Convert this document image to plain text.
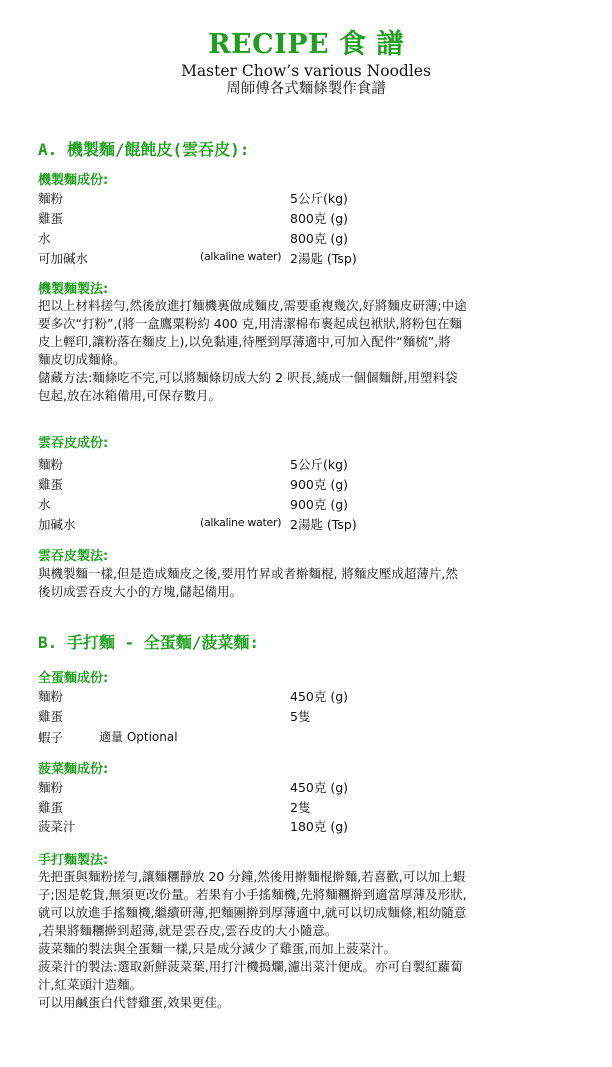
RECIPE 食 譜
Master Chow’s various Noodles
周師傅各式麵條製作食譜
A. 機製麵/餛飩皮(雲吞皮):
機製麵成份:
麵粉	5公斤(kg)
雞蛋	800克 (g)
水	800克 (g)
可加碱水	(alkaline water) 2湯匙 (Tsp)
機製麵製法:
把以上材料搓勻,然後放進打麵機裏做成麵皮,需要重複幾次,好將麵皮研薄;中途
要多次“打粉”,(將一盒鷹粟粉約 400 克,用清潔棉布裹起成包袱狀,將粉包在麵
皮上輕印,讓粉落在麵皮上),以免黏連,待壓到厚薄適中,可加入配件“麵梳”,將
麵皮切成麵條。
儲藏方法:麵條吃不完,可以將麵條切成大約 2 呎長,繞成一個個麵餅,用塑料袋
包起,放在冰箱備用,可保存數月。
雲吞皮成份:
麵粉	5公斤(kg)
雞蛋	900克 (g)
水	900克 (g)
加碱水	(alkaline water) 2湯匙 (Tsp)
雲吞皮製法:
與機製麵一樣,但是造成麵皮之後,要用竹昇或者擀麵棍, 將麵皮壓成超薄片,然
後切成雲吞皮大小的方塊,儲起備用。
B. 手打麵 - 全蛋麵/菠菜麵:
全蛋麵成份:
麵粉	450克 (g)
雞蛋	5隻
蝦子	適量 Optional
菠菜麵成份:
麵粉	450克 (g)
雞蛋	2隻
菠菜汁	180克 (g)
手打麵製法:
先把蛋與麵粉搓勻,讓麵糰靜放 20 分鐘,然後用擀麵棍擀麵,若喜歡,可以加上蝦
子;因是乾貨,無須更改份量。若果有小手搖麵機,先將麵糰擀到適當厚薄及形狀,
就可以放進手搖麵機,繼續研薄,把麵團擀到厚薄適中,就可以切成麵條,粗幼隨意
,若果將麵糰擀到超薄,就是雲吞皮,雲吞皮的大小隨意。
菠菜麵的製法與全蛋麵一樣,只是成分減少了雞蛋,而加上菠菜汁。
菠菜汁的製法:選取新鮮菠菜葉,用打汁機搗爛,濾出菜汁便成。亦可自製紅蘿蔔
汁,紅菜頭汁造麵。
可以用鹹蛋白代替雞蛋,效果更佳。
